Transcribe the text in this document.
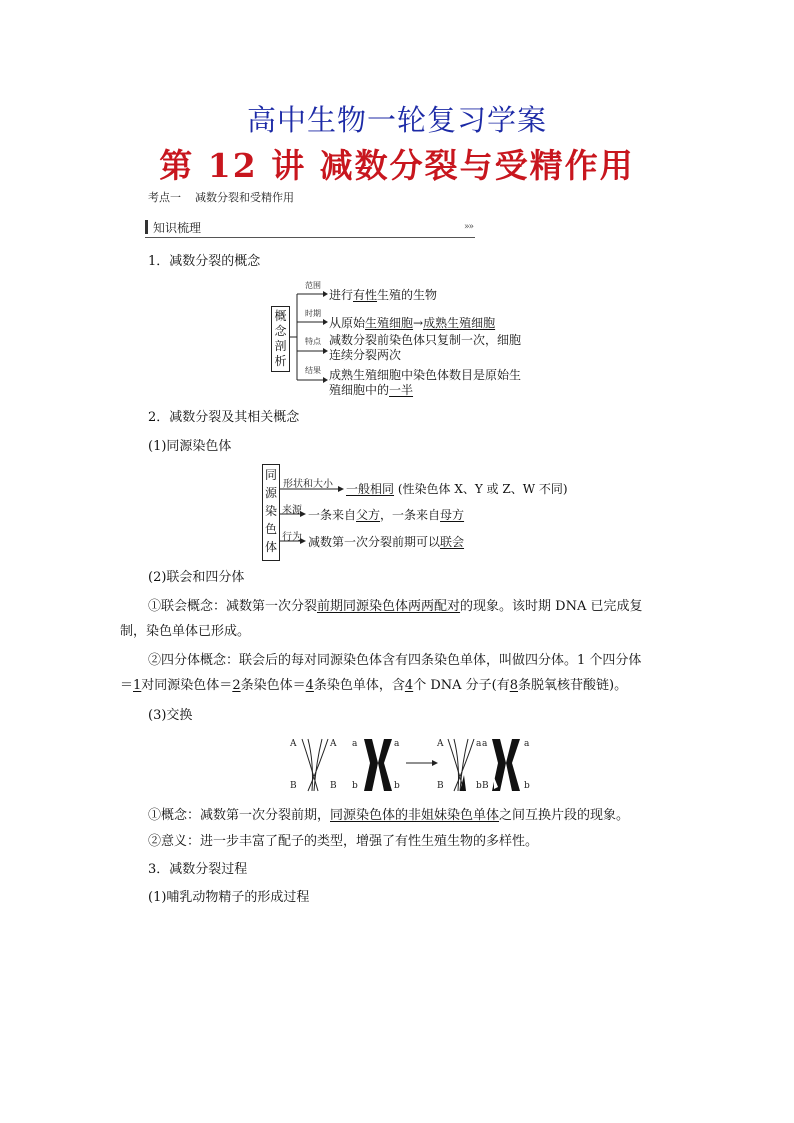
高中生物一轮复习学案
第 12 讲 减数分裂与受精作用
考点一 减数分裂和受精作用
知识梳理	»»
1．减数分裂的概念
概念剖析
范围
时期
特点
结果
进行有性生殖的生物
从原始生殖细胞→成熟生殖细胞
减数分裂前染色体只复制一次，细胞
连续分裂两次
成熟生殖细胞中染色体数目是原始生
殖细胞中的一半
2．减数分裂及其相关概念
(1)同源染色体
同源染色体
形状和大小
来源
行为
一般相同 (性染色体 X、Y 或 Z、W 不同)
一条来自父方，一条来自母方
减数第一次分裂前期可以联会
(2)联会和四分体
①联会概念：减数第一次分裂前期同源染色体两两配对的现象。该时期 DNA 已完成复
制，染色单体已形成。
②四分体概念：联会后的每对同源染色体含有四条染色单体，叫做四分体。1 个四分体
＝1对同源染色体＝2条染色体＝4条染色单体，含4个 DNA 分子(有8条脱氧核苷酸链)。
(3)交换
A	A
B	B
a	a
b	b
A	a
B	b
a	a
B	b
①概念：减数第一次分裂前期，同源染色体的非姐妹染色单体之间互换片段的现象。
②意义：进一步丰富了配子的类型，增强了有性生殖生物的多样性。
3．减数分裂过程
(1)哺乳动物精子的形成过程
